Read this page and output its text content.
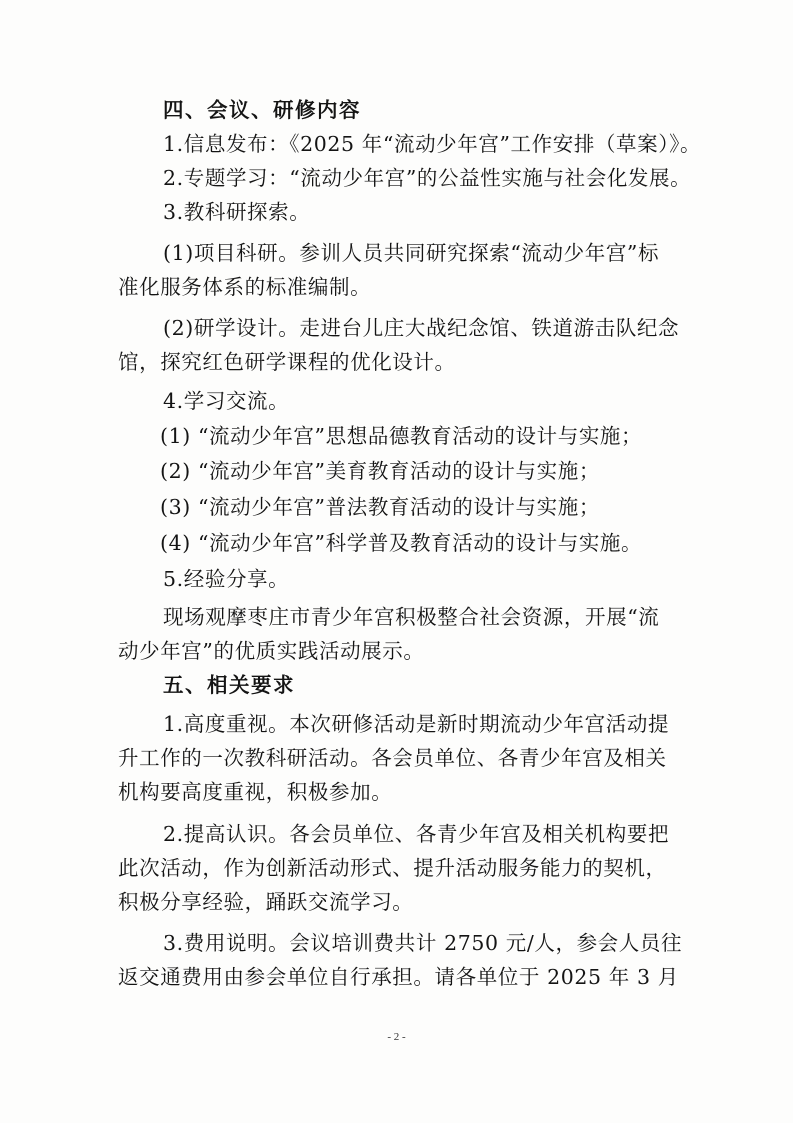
四、会议、研修内容
1.信息发布：《2025 年“流动少年宫”工作安排（草案）》。
2.专题学习：“流动少年宫”的公益性实施与社会化发展。
3.教科研探索。
(1)项目科研。参训人员共同研究探索“流动少年宫”标
准化服务体系的标准编制。
(2)研学设计。走进台儿庄大战纪念馆、铁道游击队纪念
馆，探究红色研学课程的优化设计。
4.学习交流。
(1) “流动少年宫”思想品德教育活动的设计与实施；
(2) “流动少年宫”美育教育活动的设计与实施；
(3) “流动少年宫”普法教育活动的设计与实施；
(4) “流动少年宫”科学普及教育活动的设计与实施。
5.经验分享。
现场观摩枣庄市青少年宫积极整合社会资源，开展“流
动少年宫”的优质实践活动展示。
五、相关要求
1.高度重视。本次研修活动是新时期流动少年宫活动提
升工作的一次教科研活动。各会员单位、各青少年宫及相关
机构要高度重视，积极参加。
2.提高认识。各会员单位、各青少年宫及相关机构要把
此次活动，作为创新活动形式、提升活动服务能力的契机，
积极分享经验，踊跃交流学习。
3.费用说明。会议培训费共计 2750 元/人，参会人员往
返交通费用由参会单位自行承担。请各单位于 2025 年 3 月
- 2 -
